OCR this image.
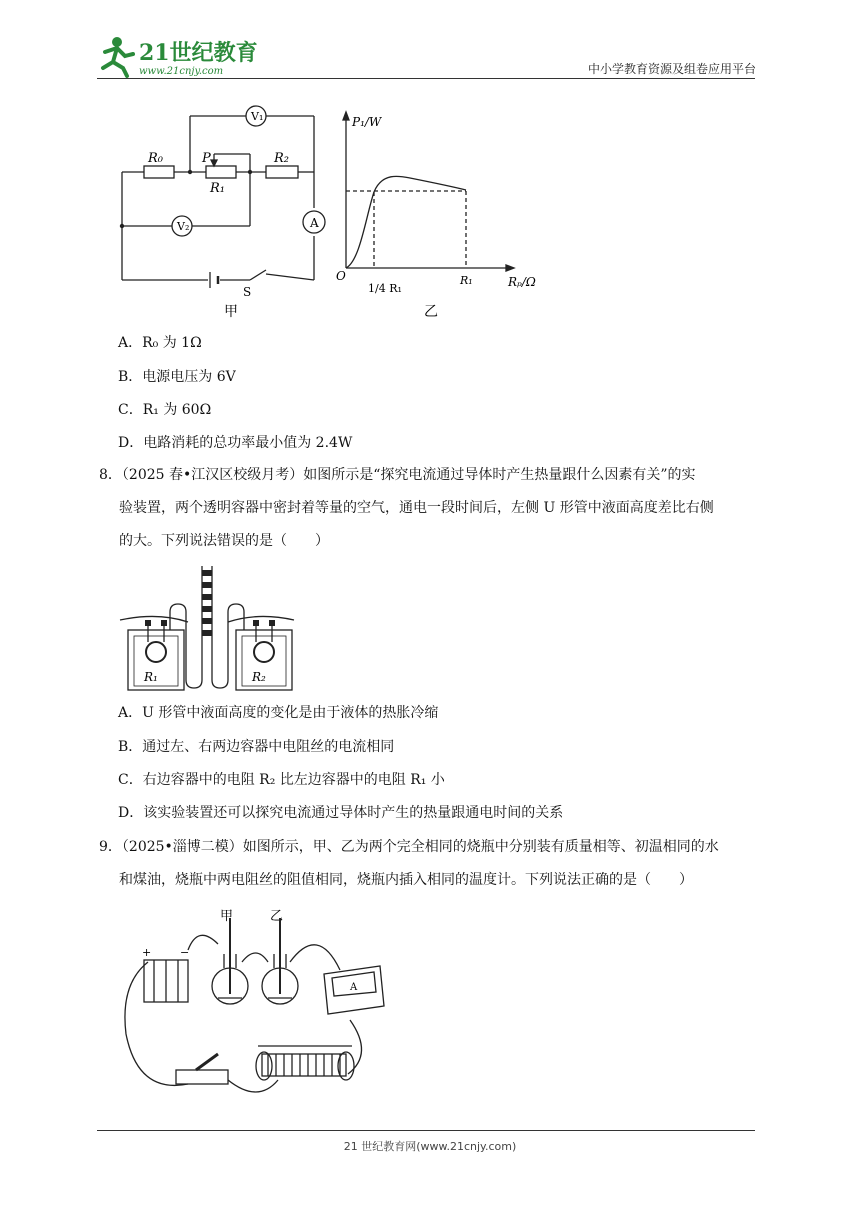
21世纪教育
www.21cnjy.com	中小学教育资源及组卷应用平台
V₁
V₂	A
R₀	P
R₁
R₂
S
甲
P₁/W
Rₚ/Ω
O
1/4 R₁
R₁
乙
A．R₀ 为 1Ω
B．电源电压为 6V
C．R₁ 为 60Ω
D．电路消耗的总功率最小值为 2.4W
8．（2025 春•江汉区校级月考）如图所示是“探究电流通过导体时产生热量跟什么因素有关”的实
验装置，两个透明容器中密封着等量的空气，通电一段时间后，左侧 U 形管中液面高度差比右侧
的大。下列说法错误的是（　　）
R₁	R₂
A．U 形管中液面高度的变化是由于液体的热胀冷缩
B．通过左、右两边容器中电阻丝的电流相同
C．右边容器中的电阻 R₂ 比左边容器中的电阻 R₁ 小
D．该实验装置还可以探究电流通过导体时产生的热量跟通电时间的关系
9．（2025•淄博二模）如图所示，甲、乙为两个完全相同的烧瓶中分别装有质量相等、初温相同的水
和煤油，烧瓶中两电阻丝的阻值相同，烧瓶内插入相同的温度计。下列说法正确的是（　　）
甲	乙
+	−
A
21 世纪教育网(www.21cnjy.com)
